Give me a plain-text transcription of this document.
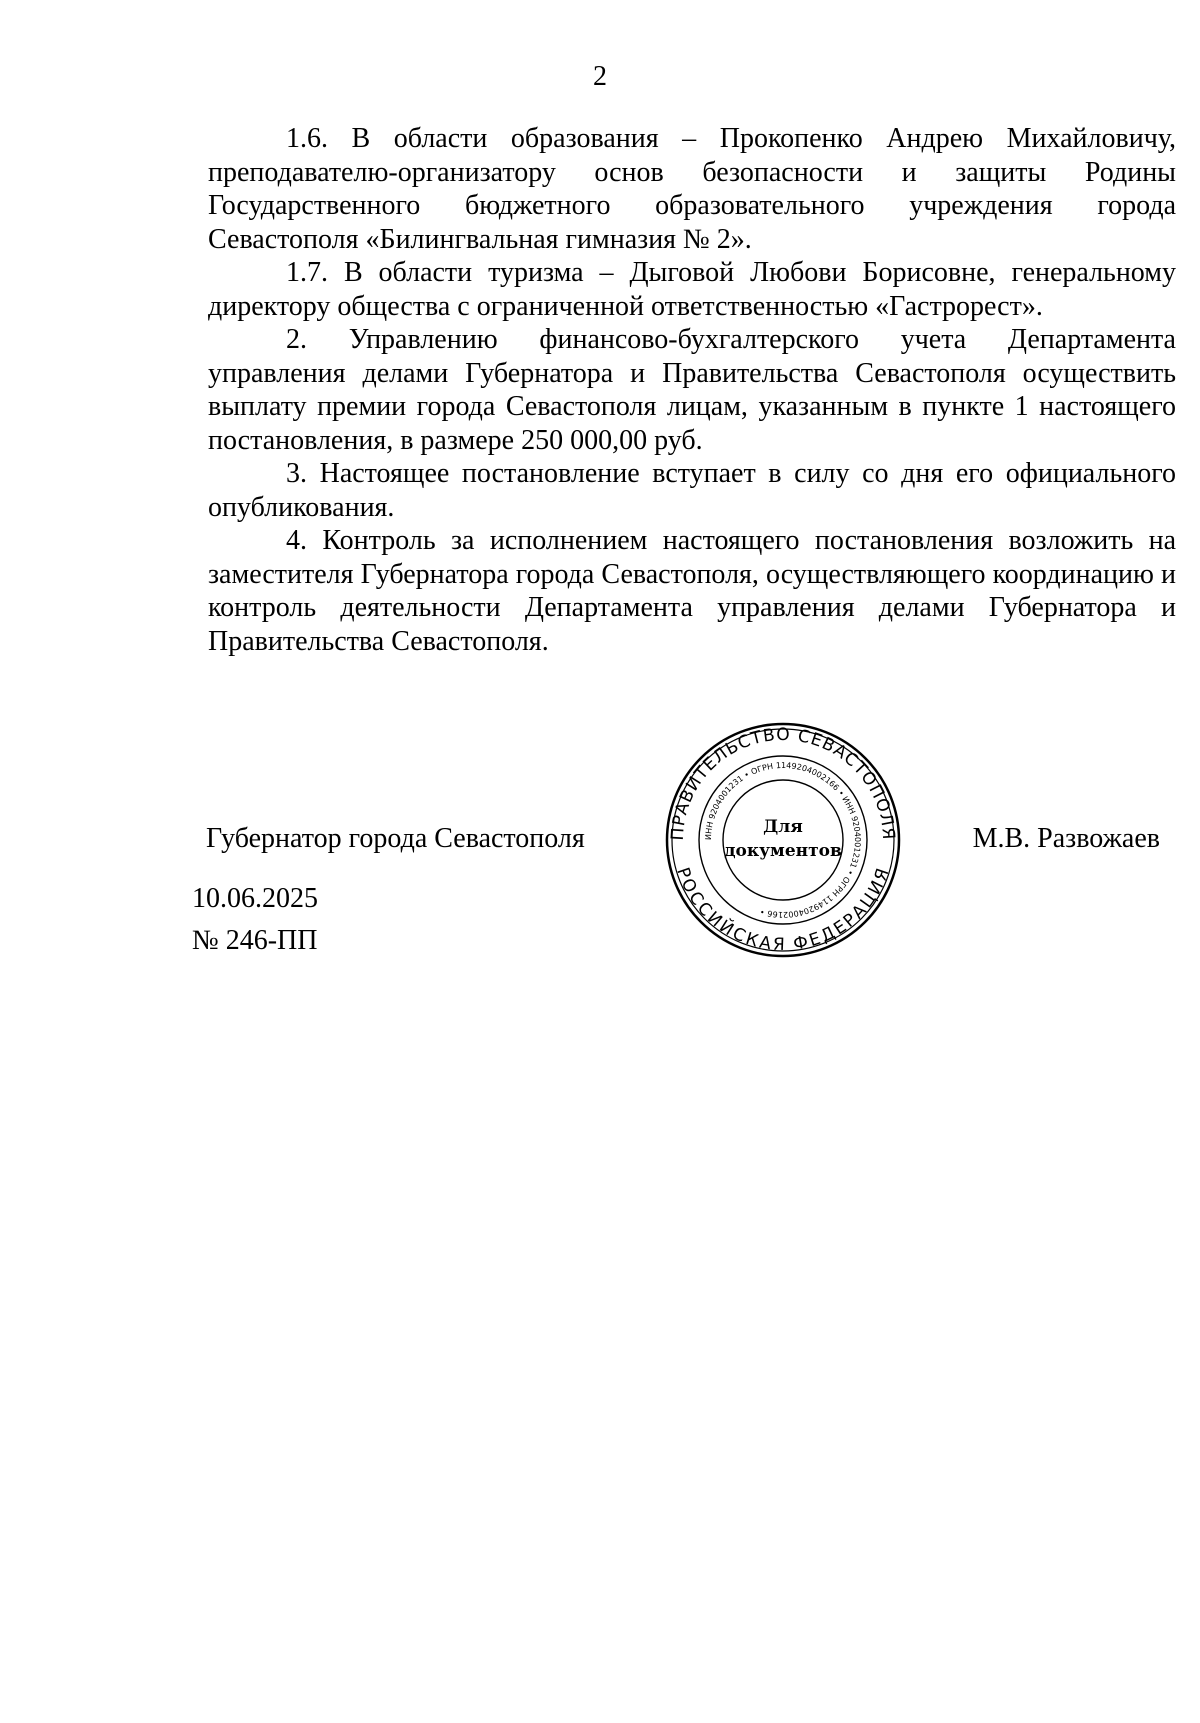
2

1.6. В области образования – Прокопенко Андрею Михайловичу, преподавателю-организатору основ безопасности и защиты Родины Государственного бюджетного образовательного учреждения города Севастополя «Билингвальная гимназия № 2».

1.7. В области туризма – Дыговой Любови Борисовне, генеральному директору общества с ограниченной ответственностью «Гастрорест».

2. Управлению финансово-бухгалтерского учета Департамента управления делами Губернатора и Правительства Севастополя осуществить выплату премии города Севастополя лицам, указанным в пункте 1 настоящего постановления, в размере 250 000,00 руб.

3. Настоящее постановление вступает в силу со дня его официального опубликования.

4. Контроль за исполнением настоящего постановления возложить на заместителя Губернатора города Севастополя, осуществляющего координацию и контроль деятельности Департамента управления делами Губернатора и Правительства Севастополя.

Губернатор города Севастополя	М.В. Развожаев
10.06.2025
№ 246-ПП
ПРАВИТЕЛЬСТВО СЕВАСТОПОЛЯ
РОССИЙСКАЯ ФЕДЕРАЦИЯ
ИНН 9204001231 • ОГРН 1149204002166 • ИНН 9204001231 • ОГРН 1149204002166 •
Для
документов
